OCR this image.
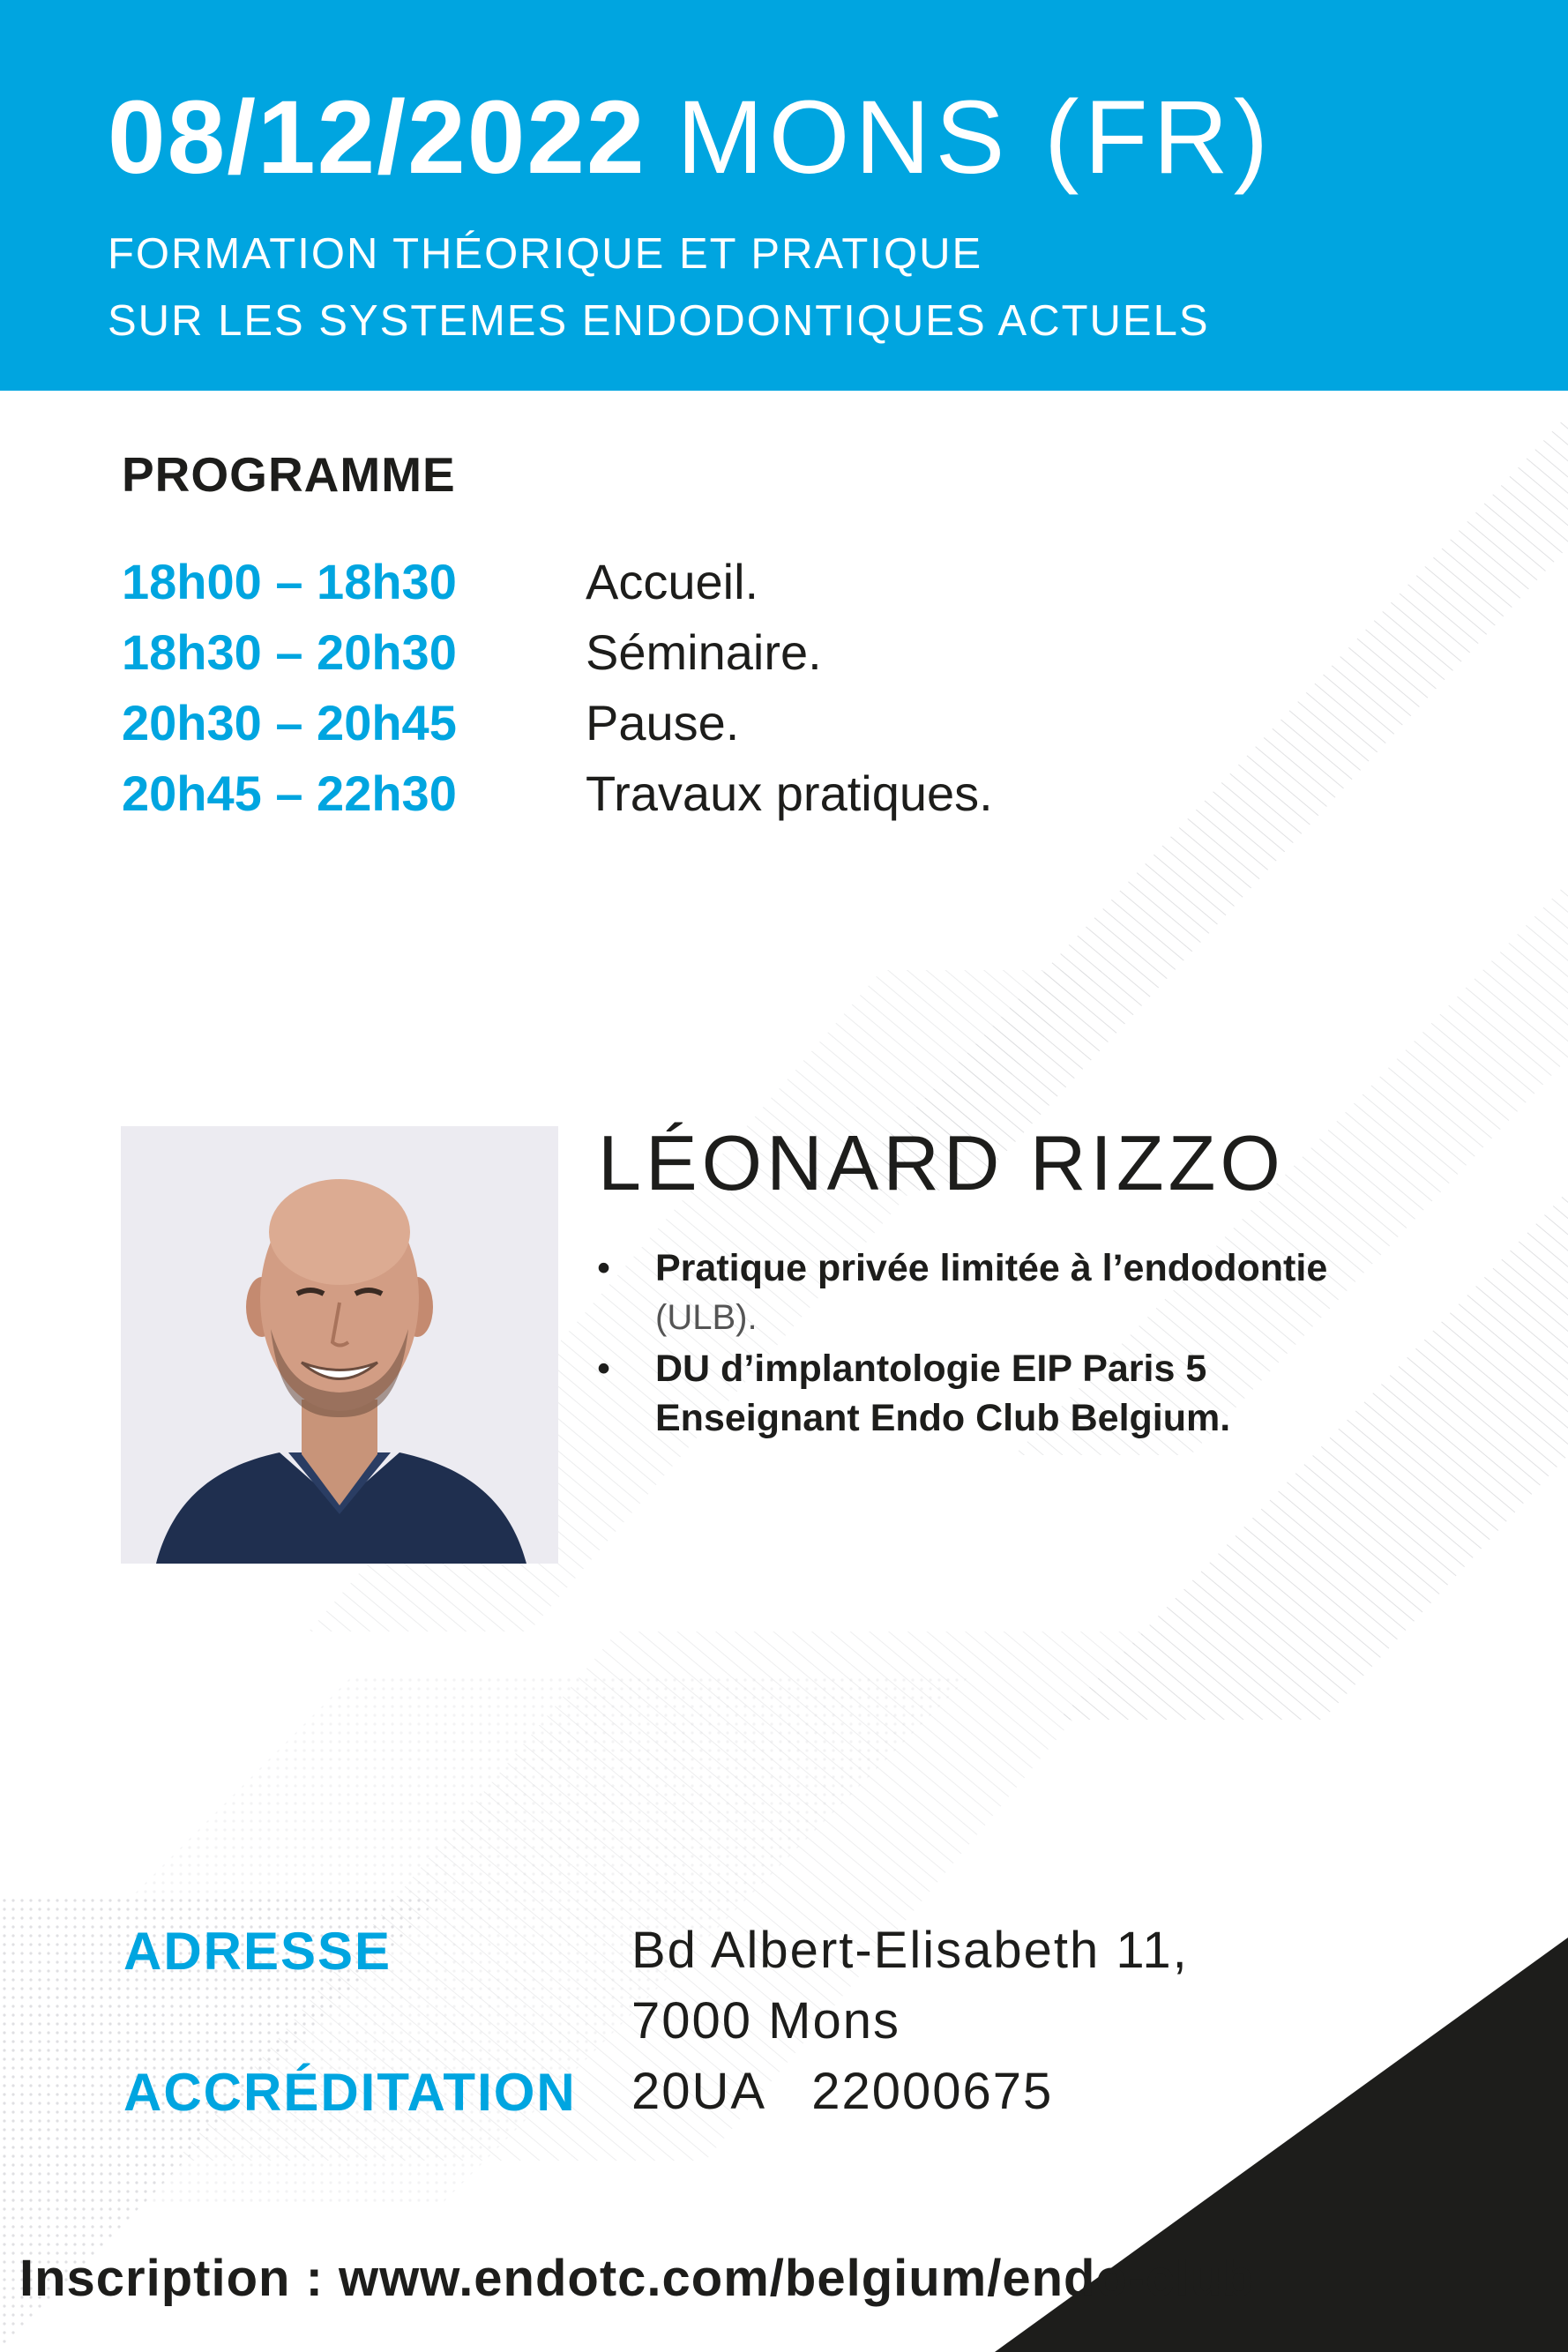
08/12/2022 MONS (FR)
FORMATION THÉORIQUE ET PRATIQUE
SUR LES SYSTEMES ENDODONTIQUES ACTUELS
PROGRAMME
18h00 – 18h30	Accueil.
18h30 – 20h30	Séminaire.
20h30 – 20h45	Pause.
20h45 – 22h30	Travaux pratiques.
LÉONARD RIZZO
• Pratique privée limitée à l’endodontie
(ULB).
• DU d’implantologie EIP Paris 5
Enseignant Endo Club Belgium.
ADRESSE	Bd Albert-Elisabeth 11,
7000 Mons
ACCRÉDITATION 20UA   22000675
Inscription : www.endotc.com/belgium/endo-club
